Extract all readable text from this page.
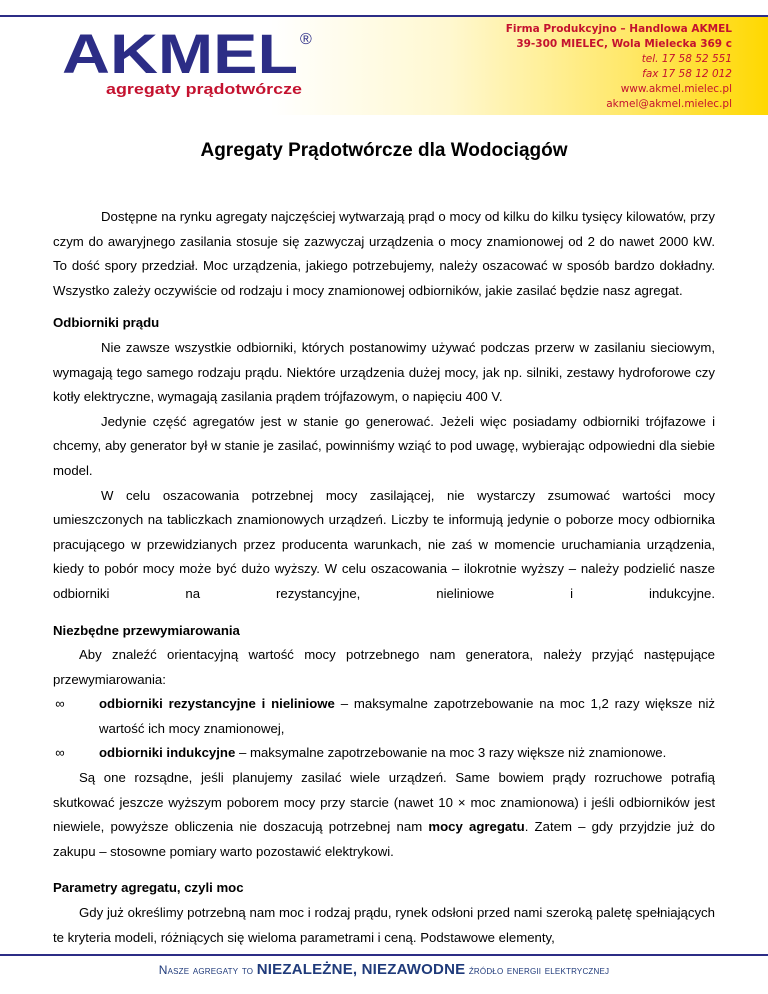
AKMEL ®
agregaty prądotwórcze
Firma Produkcyjno – Handlowa AKMEL
39-300 MIELEC, Wola Mielecka 369 c
tel. 17 58 52 551
fax 17 58 12 012
www.akmel.mielec.pl
akmel@akmel.mielec.pl
Agregaty Prądotwórcze dla Wodociągów

Dostępne na rynku agregaty najczęściej wytwarzają prąd o mocy od kilku do kilku tysięcy kilowatów, przy czym do awaryjnego zasilania stosuje się zazwyczaj urządzenia o mocy znamionowej od 2 do nawet 2000 kW. To dość spory przedział. Moc urządzenia, jakiego potrzebujemy, należy oszacować w sposób bardzo dokładny. Wszystko zależy oczywiście od rodzaju i mocy znamionowej odbiorników, jakie zasilać będzie nasz agregat.

Odbiorniki prądu

Nie zawsze wszystkie odbiorniki, których postanowimy używać podczas przerw w zasilaniu sieciowym, wymagają tego samego rodzaju prądu. Niektóre urządzenia dużej mocy, jak np. silniki, zestawy hydroforowe czy kotły elektryczne, wymagają zasilania prądem trójfazowym, o napięciu 400 V.

Jedynie część agregatów jest w stanie go generować. Jeżeli więc posiadamy odbiorniki trójfazowe i chcemy, aby generator był w stanie je zasilać, powinniśmy wziąć to pod uwagę, wybierając odpowiedni dla siebie model.

W celu oszacowania potrzebnej mocy zasilającej, nie wystarczy zsumować wartości mocy umieszczonych na tabliczkach znamionowych urządzeń. Liczby te informują jedynie o poborze mocy odbiornika pracującego w przewidzianych przez producenta warunkach, nie zaś w momencie uruchamiania urządzenia, kiedy to pobór mocy może być dużo wyższy. W celu oszacowania – ilokrotnie wyższy – należy podzielić nasze odbiorniki na rezystancyjne, nieliniowe i indukcyjne.

Niezbędne przewymiarowania

Aby znaleźć orientacyjną wartość mocy potrzebnego nam generatora, należy przyjąć następujące przewymiarowania:

∞	odbiorniki rezystancyjne i nieliniowe – maksymalne zapotrzebowanie na moc 1,2 razy większe niż wartość ich mocy znamionowej,

∞	odbiorniki indukcyjne – maksymalne zapotrzebowanie na moc 3 razy większe niż znamionowe.

Są one rozsądne, jeśli planujemy zasilać wiele urządzeń. Same bowiem prądy rozruchowe potrafią skutkować jeszcze wyższym poborem mocy przy starcie (nawet 10 × moc znamionowa) i jeśli odbiorników jest niewiele, powyższe obliczenia nie doszacują potrzebnej nam mocy agregatu. Zatem – gdy przyjdzie już do zakupu – stosowne pomiary warto pozostawić elektrykowi.

Parametry agregatu, czyli moc

Gdy już określimy potrzebną nam moc i rodzaj prądu, rynek odsłoni przed nami szeroką paletę spełniających te kryteria modeli, różniących się wieloma parametrami i ceną. Podstawowe elementy,

Nasze agregaty to NIEZALEŻNE, NIEZAWODNE źródło energii elektrycznej
